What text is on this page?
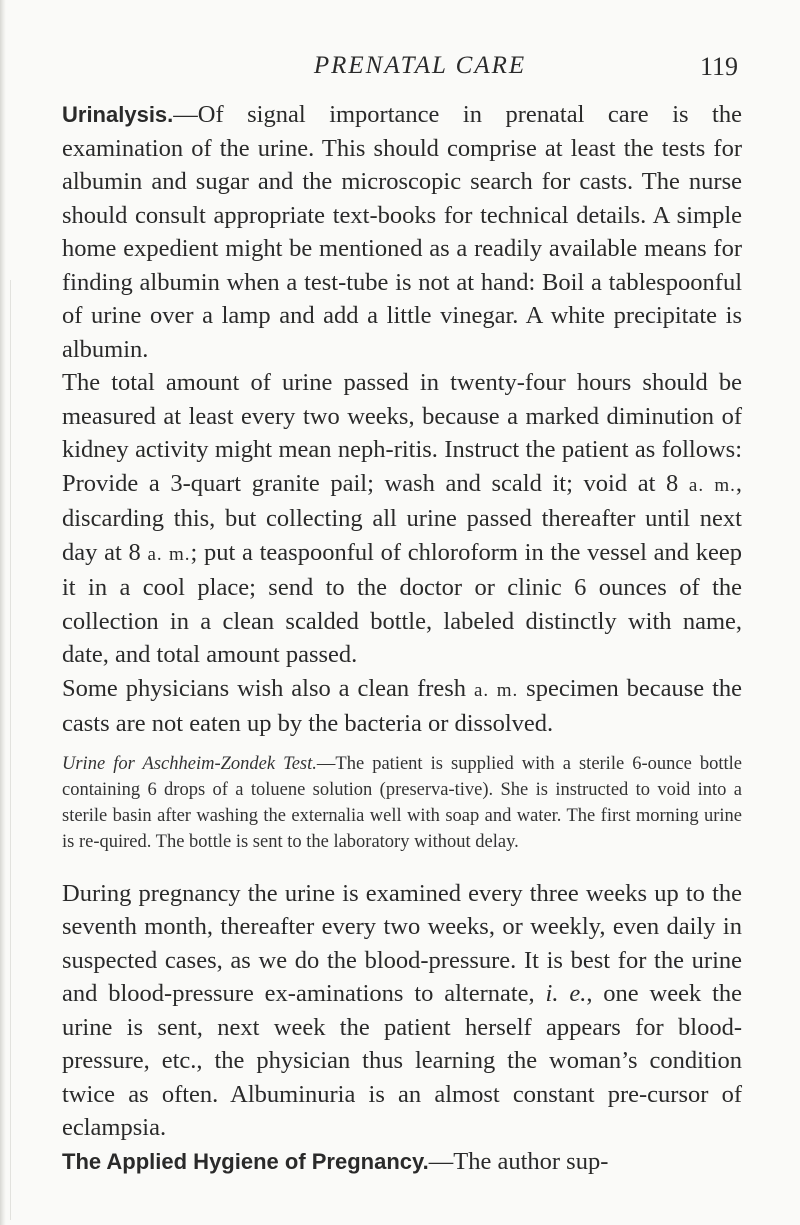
PRENATAL CARE	119

Urinalysis.—Of signal importance in prenatal care is the examination of the urine. This should comprise at least the tests for albumin and sugar and the microscopic search for casts. The nurse should consult appropriate text-books for technical details. A simple home expedient might be mentioned as a readily available means for finding albumin when a test-tube is not at hand: Boil a tablespoonful of urine over a lamp and add a little vinegar. A white precipitate is albumin.

The total amount of urine passed in twenty-four hours should be measured at least every two weeks, because a marked diminution of kidney activity might mean neph-ritis. Instruct the patient as follows: Provide a 3-quart granite pail; wash and scald it; void at 8 a. m., discarding this, but collecting all urine passed thereafter until next day at 8 a. m.; put a teaspoonful of chloroform in the vessel and keep it in a cool place; send to the doctor or clinic 6 ounces of the collection in a clean scalded bottle, labeled distinctly with name, date, and total amount passed.

Some physicians wish also a clean fresh a. m. specimen because the casts are not eaten up by the bacteria or dissolved.

Urine for Aschheim-Zondek Test.—The patient is supplied with a sterile 6-ounce bottle containing 6 drops of a toluene solution (preserva-tive). She is instructed to void into a sterile basin after washing the externalia well with soap and water. The first morning urine is re-quired. The bottle is sent to the laboratory without delay.

During pregnancy the urine is examined every three weeks up to the seventh month, thereafter every two weeks, or weekly, even daily in suspected cases, as we do the blood-pressure. It is best for the urine and blood-pressure ex-aminations to alternate, i. e., one week the urine is sent, next week the patient herself appears for blood-pressure, etc., the physician thus learning the woman’s condition twice as often. Albuminuria is an almost constant pre-cursor of eclampsia.

The Applied Hygiene of Pregnancy.—The author sup-
